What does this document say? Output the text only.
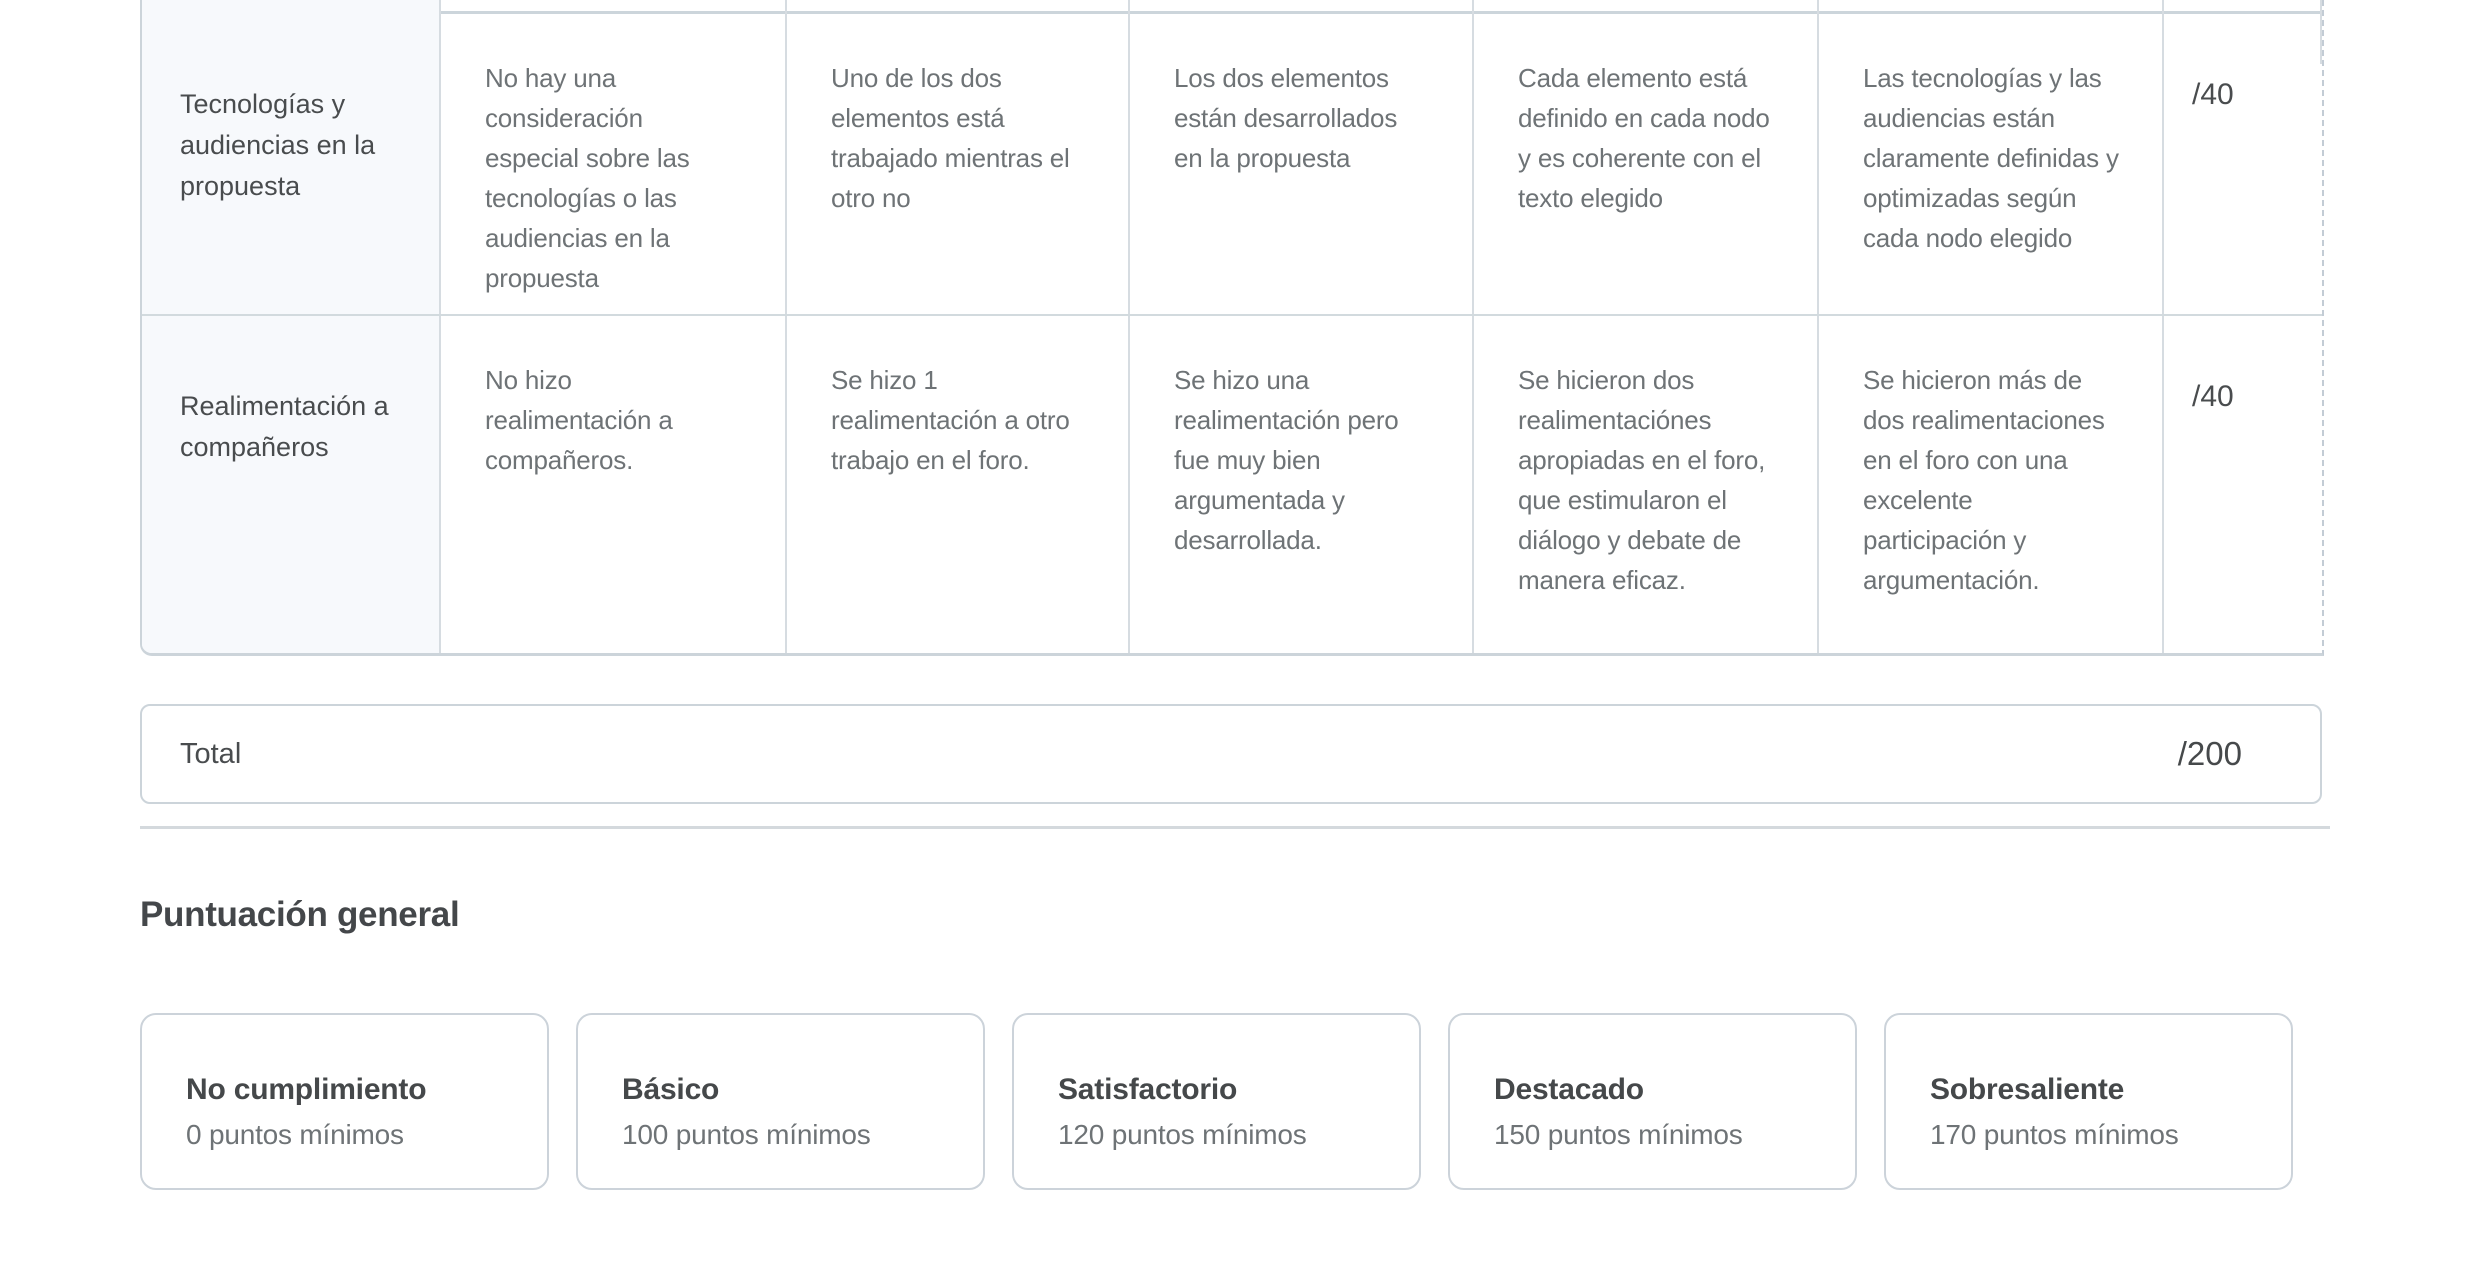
Tecnologías y audiencias en la propuesta
No hay una consideración especial sobre las tecnologías o las audiencias en la propuesta
Uno de los dos elementos está trabajado mientras el otro no
Los dos elementos están desarrollados en la propuesta
Cada elemento está definido en cada nodo y es coherente con el texto elegido
Las tecnologías y las audiencias están claramente definidas y optimizadas según cada nodo elegido
/40
Realimentación a compañeros
No hizo realimentación a compañeros.
Se hizo 1 realimentación a otro trabajo en el foro.
Se hizo una realimentación pero fue muy bien argumentada y desarrollada.
Se hicieron dos realimentaciónes apropiadas en el foro, que estimularon el diálogo y debate de manera eficaz.
Se hicieron más de dos realimentaciones en el foro con una excelente participación y argumentación.
/40
Total	/200
Puntuación general
No cumplimiento
0 puntos mínimos
Básico
100 puntos mínimos
Satisfactorio
120 puntos mínimos
Destacado
150 puntos mínimos
Sobresaliente
170 puntos mínimos
